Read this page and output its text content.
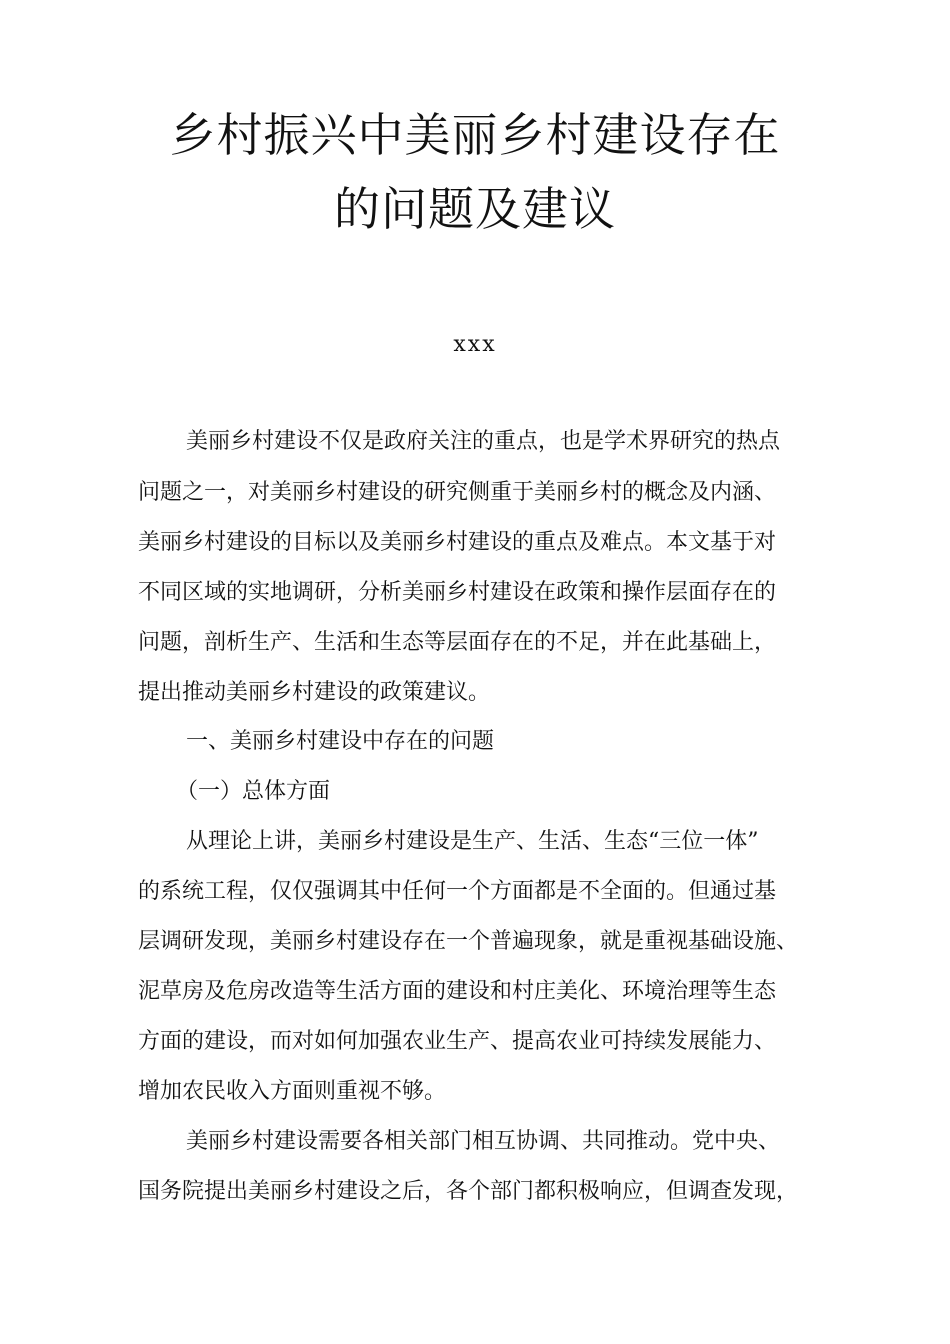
乡村振兴中美丽乡村建设存在
的问题及建议
xxx
美丽乡村建设不仅是政府关注的重点，也是学术界研究的热点
问题之一，对美丽乡村建设的研究侧重于美丽乡村的概念及内涵、
美丽乡村建设的目标以及美丽乡村建设的重点及难点。本文基于对
不同区域的实地调研，分析美丽乡村建设在政策和操作层面存在的
问题，剖析生产、生活和生态等层面存在的不足，并在此基础上，
提出推动美丽乡村建设的政策建议。
一、美丽乡村建设中存在的问题
（一）总体方面
从理论上讲，美丽乡村建设是生产、生活、生态“三位一体”
的系统工程，仅仅强调其中任何一个方面都是不全面的。但通过基
层调研发现，美丽乡村建设存在一个普遍现象，就是重视基础设施、
泥草房及危房改造等生活方面的建设和村庄美化、环境治理等生态
方面的建设，而对如何加强农业生产、提高农业可持续发展能力、
增加农民收入方面则重视不够。
美丽乡村建设需要各相关部门相互协调、共同推动。党中央、
国务院提出美丽乡村建设之后，各个部门都积极响应，但调查发现，
